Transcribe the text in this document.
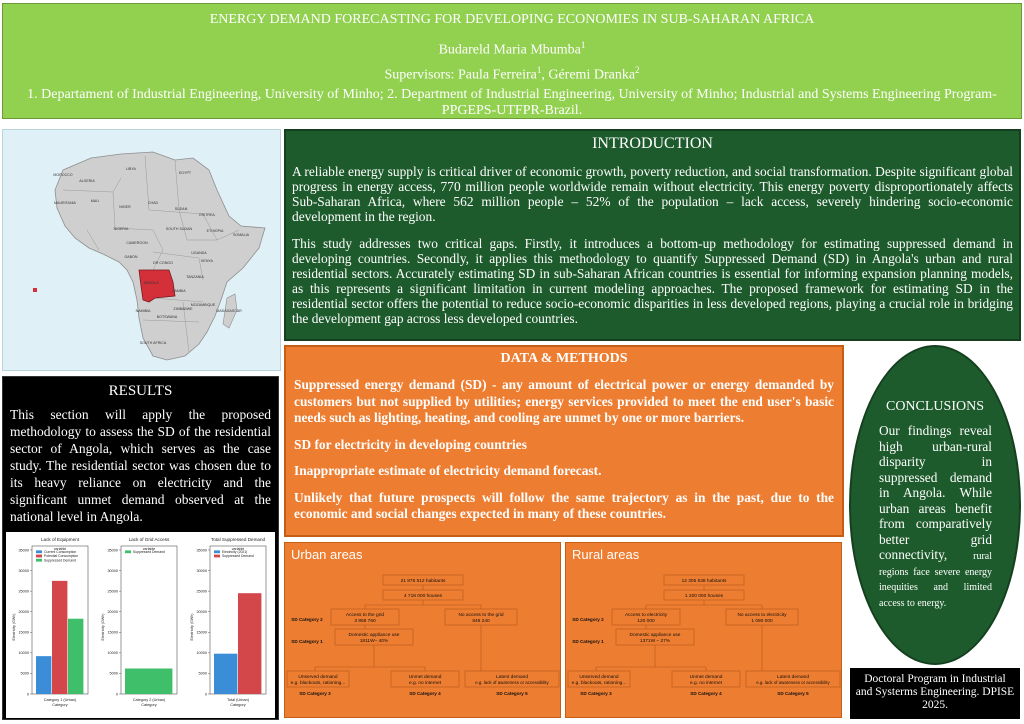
ENERGY DEMAND FORECASTING FOR DEVELOPING ECONOMIES IN SUB-SAHARAN AFRICA
Budareld Maria Mbumba$^1$
Supervisors: Paula Ferreira$^1$, Géremi Dranka$^2$
1. Departament of Industrial Engineering, University of Minho; 2. Department of Industrial Engineering, University of Minho; Industrial and Systems Engineering Program-
PPGEPS-UTFPR-Brazil.
LIBYA
EGYPT
ALGERIA
MOROCCO
MAURITANIA	MALI
NIGER
CHAD
SUDAN
SOUTH SUDAN	ETHIOPIA
SOMALIA
NIGERIA
CAMEROON
GABON
DR CONGO	KENYA
TANZANIA
ANGOLA
ZAMBIA
NAMIBIA
BOTSWANA
SOUTH AFRICA
MADAGASCAR
MOZAMBIQUE
ZIMBABWE
ERITREA
UGANDA
INTRODUCTION

A reliable energy supply is critical driver of economic growth, poverty reduction, and social transformation. Despite significant global progress in energy access, 770 million people worldwide remain without electricity. This energy poverty disproportionately affects Sub-Saharan Africa, where 562 million people – 52% of the population – lack access, severely hindering socio-economic development in the region.

This study addresses two critical gaps. Firstly, it introduces a bottom-up methodology for estimating suppressed demand in developing countries. Secondly, it applies this methodology to quantify Suppressed Demand (SD) in Angola's urban and rural residential sectors. Accurately estimating SD in sub-Saharan African countries is essential for informing expansion planning models, as this represents a significant limitation in current modeling approaches. The proposed framework for estimating SD in the residential sector offers the potential to reduce socio-economic disparities in less developed regions, playing a crucial role in bridging the development gap across less developed countries.

DATA & METHODS

Suppressed energy demand (SD) - any amount of electrical power or energy demanded by customers but not supplied by utilities; energy services provided to meet the end user's basic needs such as lighting, heating, and cooling are unmet by one or more barriers.

SD for electricity in developing countries

Inappropriate estimate of electricity demand forecast.

Unlikely that future prospects will follow the same trajectory as in the past, due to the economic and social changes expected in many of these countries.

RESULTS
This section will apply the proposed methodology to assess the SD of the residential sector of Angola, which serves as the case study. The residential sector was chosen due to its heavy reliance on electricity and the significant unmet demand observed at the national level in Angola.
Lack of Equipment
0
5000
10000
15000
20000
25000
30000
35000
Electricity (GWh)
variable
Current Consumption
Potential Consumption
Suppressed Demand
Category 1 (Urban)
Category
Lack of Grid Access
0
5000
10000
15000
20000
25000
30000
35000
Electricity (GWh)
variable
Suppressed Demand
Category 2 (Urban)
Category
Total Suppressed Demand
0
5000
10000
15000
20000
25000
30000
35000
Electricity (GWh)
variable
Electricity (2021)
Suppressed Demand
Total (Urban)
Category
Urban areas
21 876 512 habitants
4 718 000 houses
Access to the grid
3 868 760
No access to the grid
849 240
SD Category 2
Domestic appliance use
1811W– 40%
SD Category 1
Unserved demand
e.g. blackouts, rationing...
Unmet demand
e.g. no internet
Latent demand
e.g. lack of awareness or accessibility
SD Category 3	SD Category 4	SD Category 5
Rural areas
12 305 538 habitants
1 200 000 houses
Access to electricity
120 000
No access to electricity
1 080 000
SD Category 2
Domestic appliance use
1371W – 27%
SD Category 1
Unserved demand
e.g. blackouts, rationing...
Unmet demand
e.g. no internet
Latent demand
e.g. lack of awareness or accessibility
SD Category 3	SD Category 4	SD Category 5
CONCLUSIONS
Our findings reveal high urban-rural disparity in suppressed demand in Angola. While urban areas benefit from comparatively better grid connectivity,	rural regions face severe energy inequities and limited access to energy.
Doctoral Program in Industrial
and Systerms Engineering. DPISE
2025.
